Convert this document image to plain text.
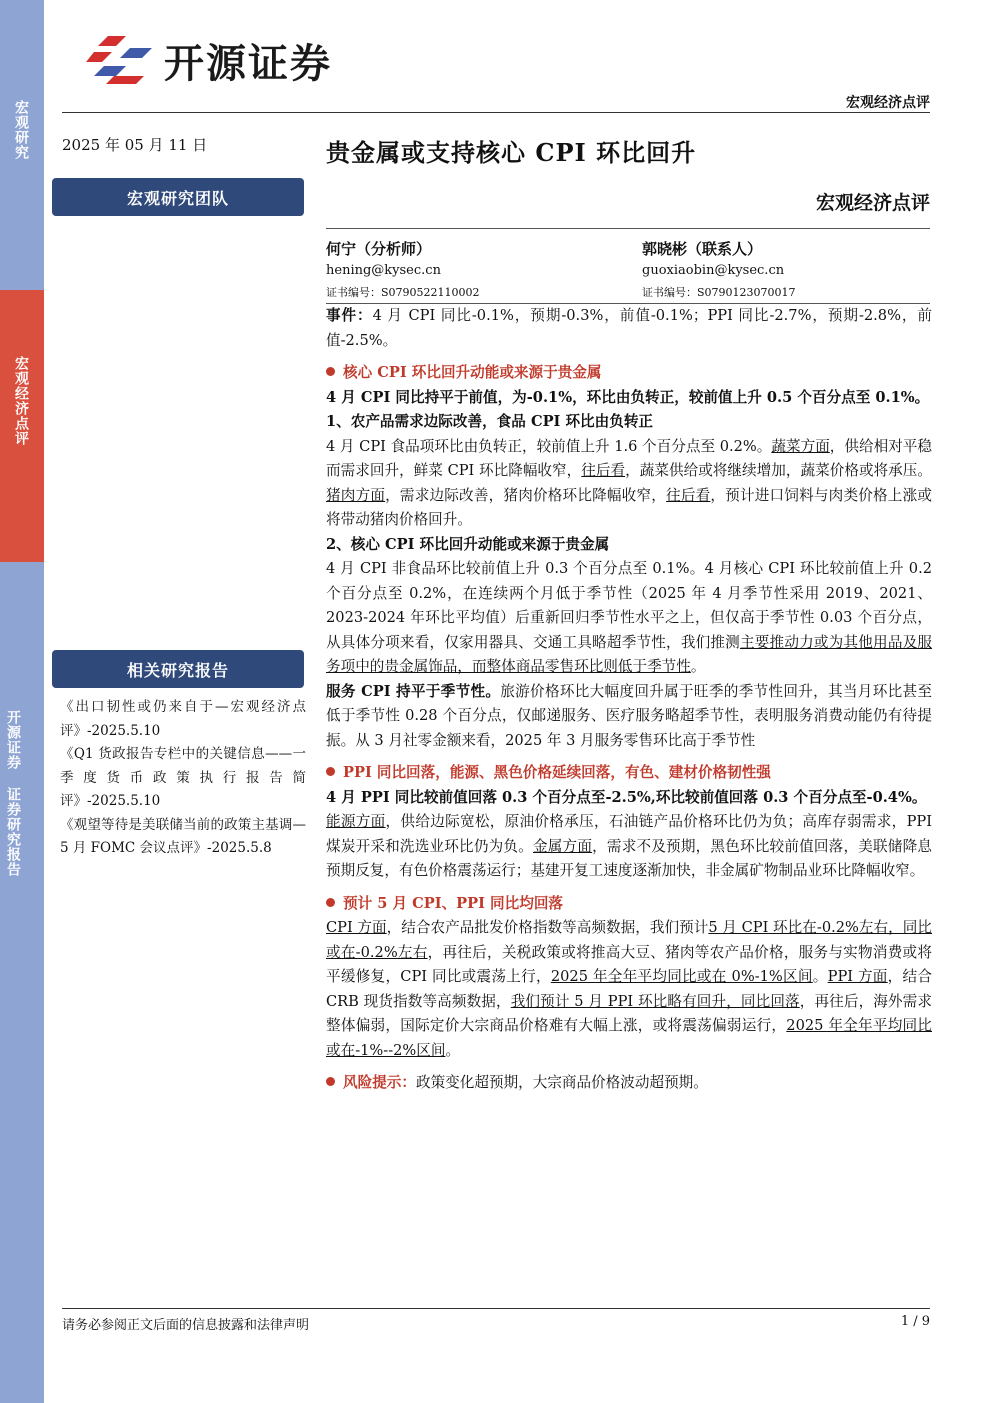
宏观研究
宏观经济点评
开源证券 证券研究报告
开源证券
宏观经济点评
2025 年 05 月 11 日
宏观研究团队
相关研究报告

《出口韧性或仍来自于—宏观经济点评》-2025.5.10

《Q1 货政报告专栏中的关键信息——一季度货币政策执行报告简评》-2025.5.10

《观望等待是美联储当前的政策主基调—5 月 FOMC 会议点评》-2025.5.8

贵金属或支持核心 CPI 环比回升
宏观经济点评
何宁（分析师）
hening@kysec.cn
证书编号：S0790522110002
郭晓彬（联系人）
guoxiaobin@kysec.cn
证书编号：S0790123070017

事件：4 月 CPI 同比-0.1%，预期-0.3%，前值-0.1%；PPI 同比-2.7%，预期-2.8%，前值-2.5%。

核心 CPI 环比回升动能或来源于贵金属

4 月 CPI 同比持平于前值，为-0.1%，环比由负转正，较前值上升 0.5 个百分点至 0.1%。

1、农产品需求边际改善，食品 CPI 环比由负转正

4 月 CPI 食品项环比由负转正，较前值上升 1.6 个百分点至 0.2%。蔬菜方面，供给相对平稳而需求回升，鲜菜 CPI 环比降幅收窄，往后看，蔬菜供给或将继续增加，蔬菜价格或将承压。猪肉方面，需求边际改善，猪肉价格环比降幅收窄，往后看，预计进口饲料与肉类价格上涨或将带动猪肉价格回升。

2、核心 CPI 环比回升动能或来源于贵金属

4 月 CPI 非食品环比较前值上升 0.3 个百分点至 0.1%。4 月核心 CPI 环比较前值上升 0.2 个百分点至 0.2%，在连续两个月低于季节性（2025 年 4 月季节性采用 2019、2021、2023-2024 年环比平均值）后重新回归季节性水平之上，但仅高于季节性 0.03 个百分点，从具体分项来看，仅家用器具、交通工具略超季节性，我们推测主要推动力或为其他用品及服务项中的贵金属饰品，而整体商品零售环比则低于季节性。

服务 CPI 持平于季节性。旅游价格环比大幅度回升属于旺季的季节性回升，其当月环比甚至低于季节性 0.28 个百分点，仅邮递服务、医疗服务略超季节性，表明服务消费动能仍有待提振。从 3 月社零金额来看，2025 年 3 月服务零售环比高于季节性

PPI 同比回落，能源、黑色价格延续回落，有色、建材价格韧性强

4 月 PPI 同比较前值回落 0.3 个百分点至-2.5%,环比较前值回落 0.3 个百分点至-0.4%。

能源方面，供给边际宽松，原油价格承压，石油链产品价格环比仍为负；高库存弱需求，PPI 煤炭开采和洗选业环比仍为负。金属方面，需求不及预期，黑色环比较前值回落，美联储降息预期反复，有色价格震荡运行；基建开复工速度逐渐加快，非金属矿物制品业环比降幅收窄。

预计 5 月 CPI、PPI 同比均回落

CPI 方面，结合农产品批发价格指数等高频数据，我们预计5 月 CPI 环比在-0.2%左右，同比或在-0.2%左右，再往后，关税政策或将推高大豆、猪肉等农产品价格，服务与实物消费或将平缓修复，CPI 同比或震荡上行，2025 年全年平均同比或在 0%-1%区间。PPI 方面，结合 CRB 现货指数等高频数据，我们预计 5 月 PPI 环比略有回升，同比回落，再往后，海外需求整体偏弱，国际定价大宗商品价格难有大幅上涨，或将震荡偏弱运行，2025 年全年平均同比或在-1%--2%区间。

风险提示：政策变化超预期，大宗商品价格波动超预期。

请务必参阅正文后面的信息披露和法律声明	1 / 9
